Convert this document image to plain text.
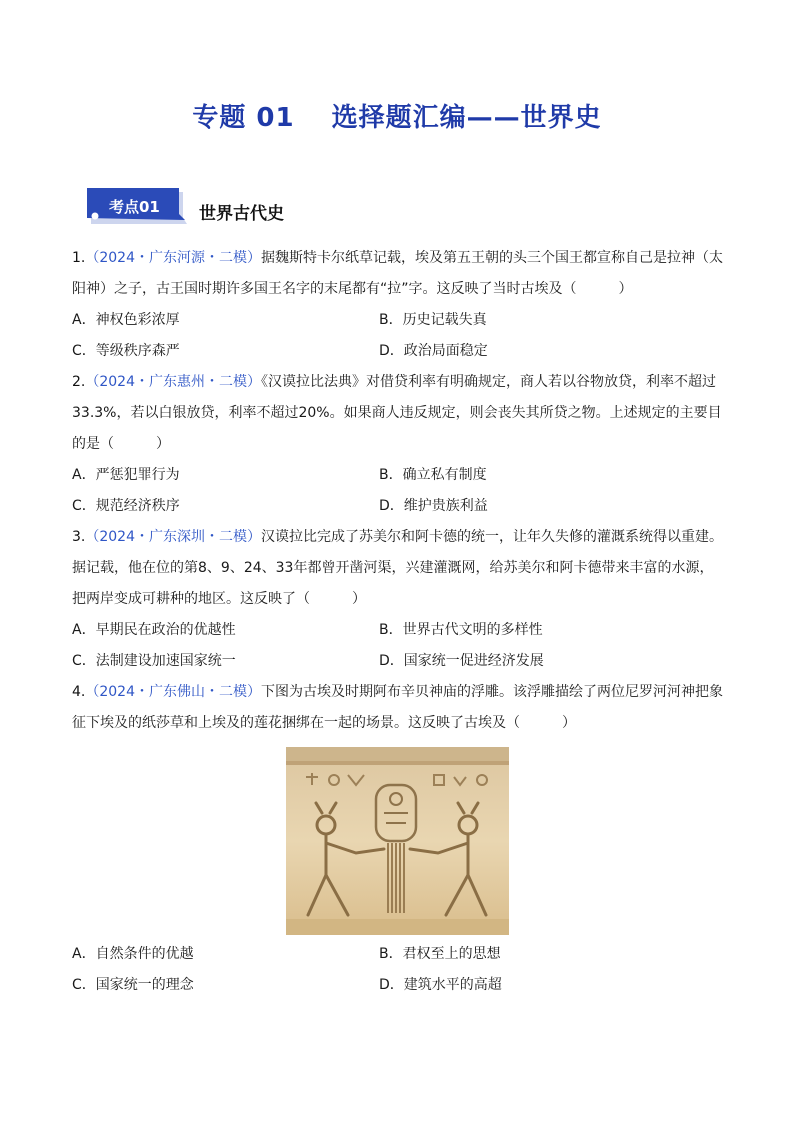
专题 01　 选择题汇编——世界史
考点01 世界古代史

1.（2024・广东河源・二模）据魏斯特卡尔纸草记载，埃及第五王朝的头三个国王都宣称自己是拉神（太阳神）之子，古王国时期许多国王名字的末尾都有“拉”字。这反映了当时古埃及（　　　）

A．神权色彩浓厚	B．历史记载失真
C．等级秩序森严	D．政治局面稳定

2.（2024・广东惠州・二模）《汉谟拉比法典》对借贷利率有明确规定，商人若以谷物放贷，利率不超过33.3%，若以白银放贷，利率不超过20%。如果商人违反规定，则会丧失其所贷之物。上述规定的主要目的是（　　　）

A．严惩犯罪行为	B．确立私有制度
C．规范经济秩序	D．维护贵族利益

3.（2024・广东深圳・二模）汉谟拉比完成了苏美尔和阿卡德的统一，让年久失修的灌溉系统得以重建。据记载，他在位的第8、9、24、33年都曾开凿河渠，兴建灌溉网，给苏美尔和阿卡德带来丰富的水源，把两岸变成可耕种的地区。这反映了（　　　）

A．早期民在政治的优越性	B．世界古代文明的多样性
C．法制建设加速国家统一	D．国家统一促进经济发展

4.（2024・广东佛山・二模）下图为古埃及时期阿布辛贝神庙的浮雕。该浮雕描绘了两位尼罗河河神把象征下埃及的纸莎草和上埃及的莲花捆绑在一起的场景。这反映了古埃及（　　　）

A．自然条件的优越	B．君权至上的思想
C．国家统一的理念	D．建筑水平的高超
